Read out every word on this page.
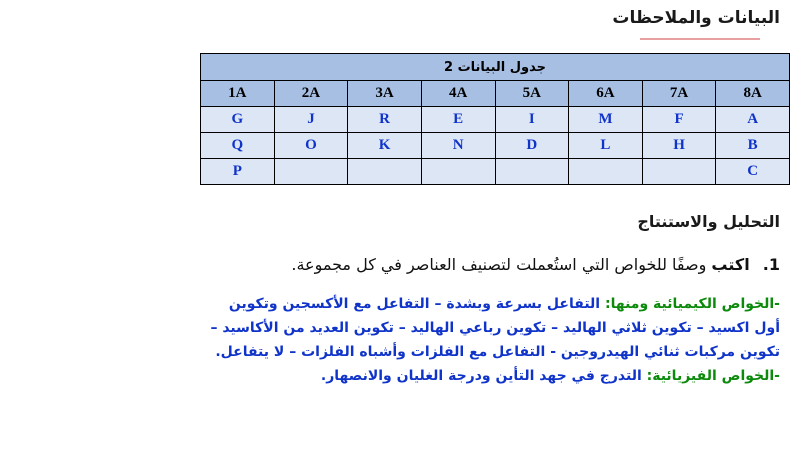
البيانات والملاحظات
جدول البيانات 2							
1A	2A	3A	4A	5A	6A	7A	8A
G	J	R	E	I	M	F	A
Q	O	K	N	D	L	H	B
P							C
التحليل والاستنتاج
1. اكتب وصفًا للخواص التي استُعملت لتصنيف العناصر في كل مجموعة.

-الخواص الكيميائية ومنها: التفاعل بسرعة وبشدة – التفاعل مع الأكسجين وتكوين أول اكسيد – تكوين ثلاثي الهاليد – تكوين رباعي الهاليد – تكوين العديد من الأكاسيد – تكوين مركبات ثنائي الهيدروجين - التفاعل مع الفلزات وأشباه الفلزات – لا يتفاعل.

-الخواص الفيزيائية: التدرج في جهد التأين ودرجة الغليان والانصهار.
